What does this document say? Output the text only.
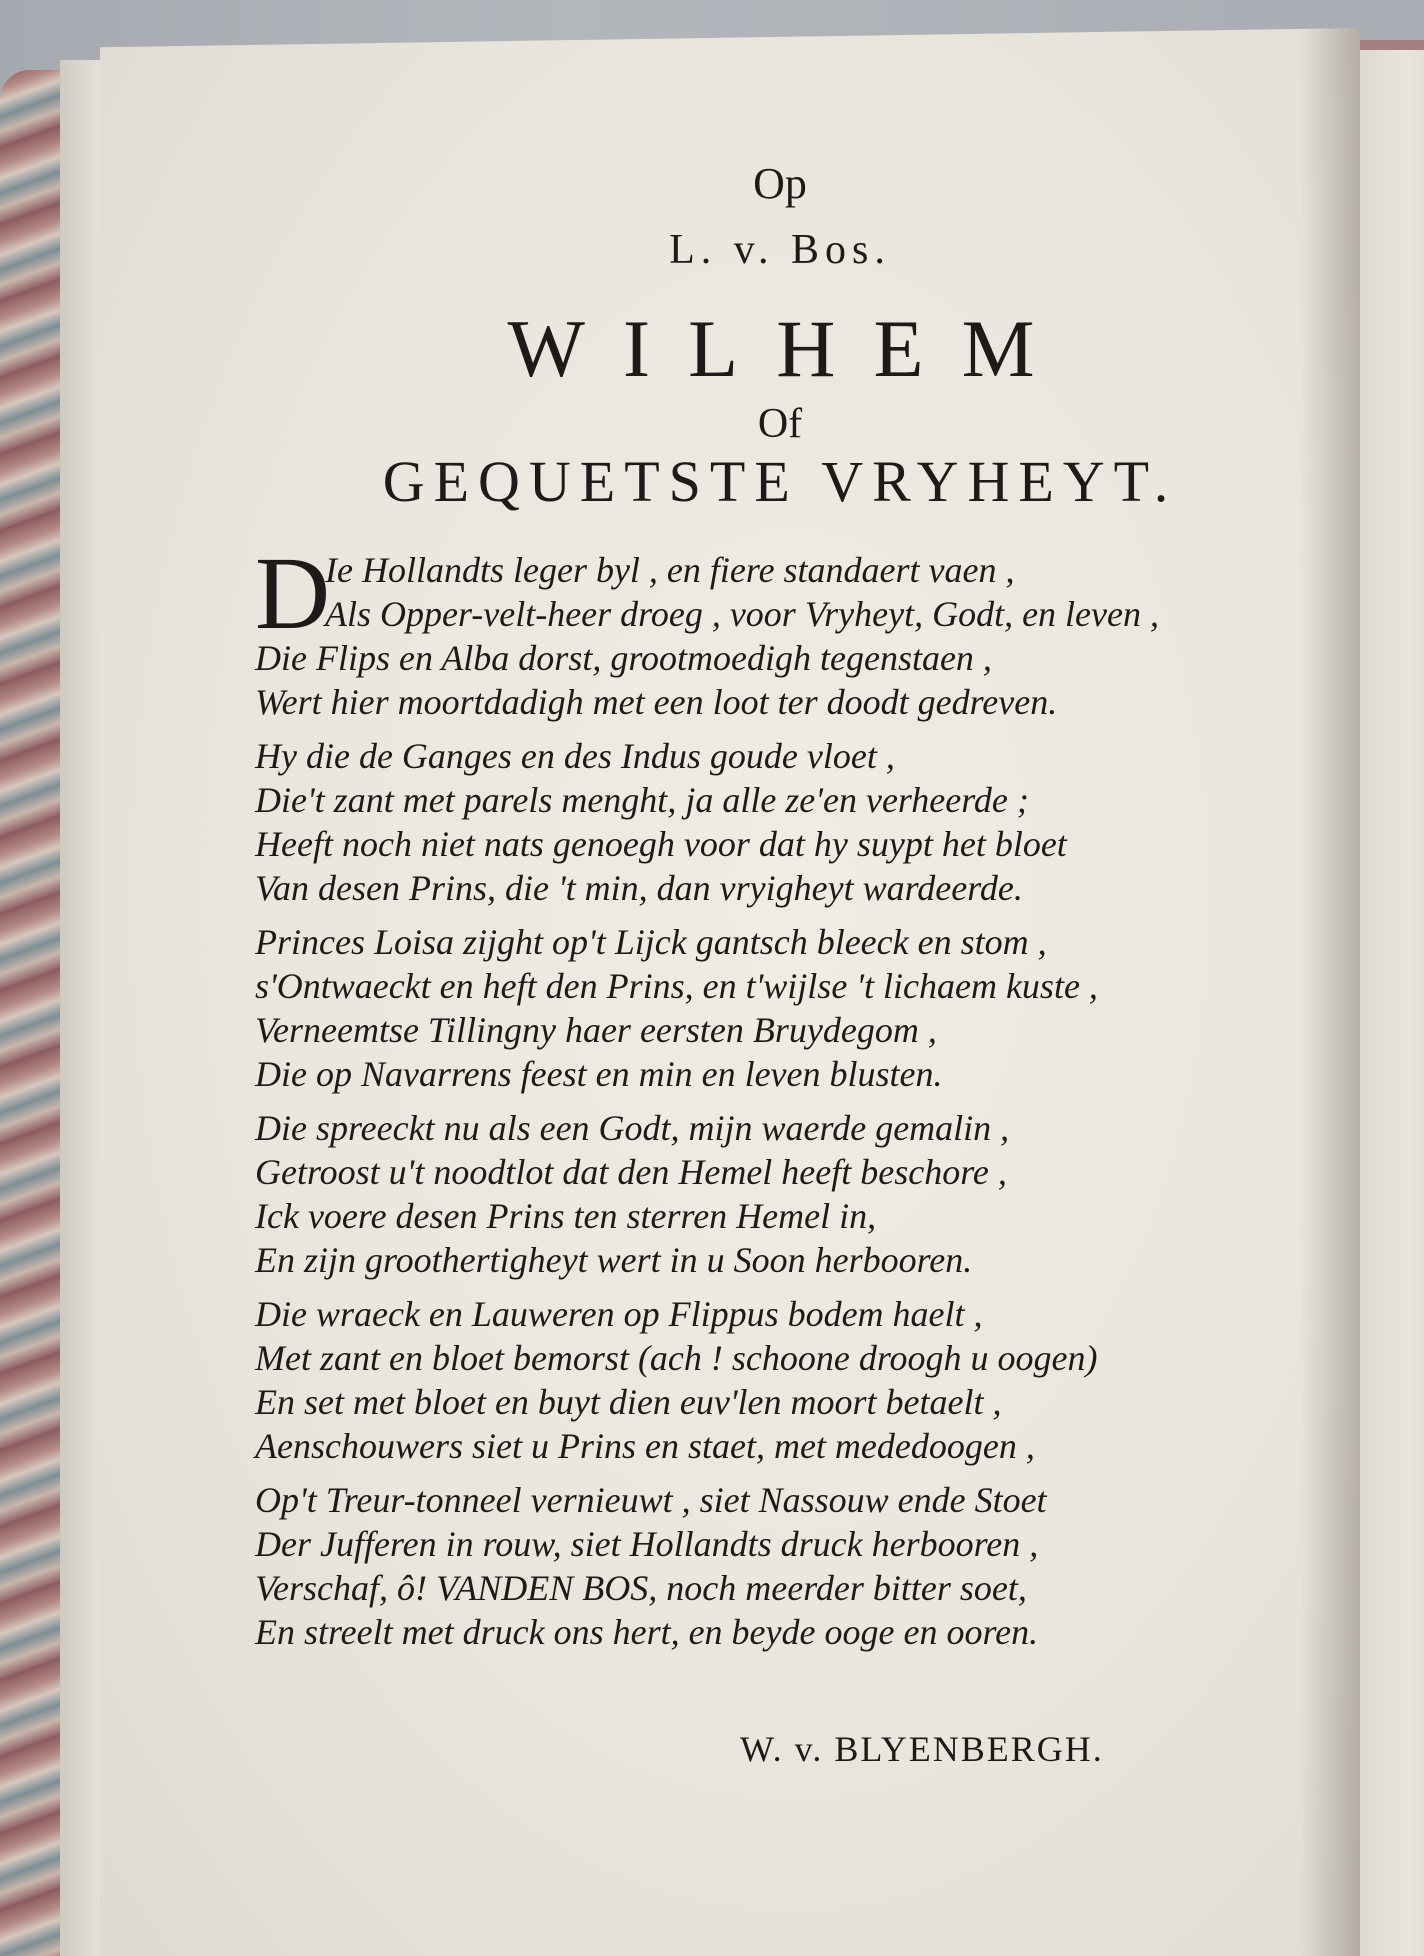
Op
L. v. Bos.
WILHEM
Of
GEQUETSTE VRYHEYT.
D
Ie Hollandts leger byl , en fiere standaert vaen ,
Als Opper-velt-heer droeg , voor Vryheyt, Godt, en leven ,
Die Flips en Alba dorst, grootmoedigh tegenstaen ,
Wert hier moortdadigh met een loot ter doodt gedreven.
Hy die de Ganges en des Indus goude vloet ,
Die't zant met parels menght, ja alle ze'en verheerde ;
Heeft noch niet nats genoegh voor dat hy suypt het bloet
Van desen Prins, die 't min, dan vryigheyt wardeerde.
Princes Loisa zijght op't Lijck gantsch bleeck en stom ,
s'Ontwaeckt en heft den Prins, en t'wijlse 't lichaem kuste ,
Verneemtse Tillingny haer eersten Bruydegom ,
Die op Navarrens feest en min en leven blusten.
Die spreeckt nu als een Godt, mijn waerde gemalin ,
Getroost u't noodtlot dat den Hemel heeft beschore ,
Ick voere desen Prins ten sterren Hemel in,
En zijn groothertigheyt wert in u Soon herbooren.
Die wraeck en Lauweren op Flippus bodem haelt ,
Met zant en bloet bemorst (ach ! schoone droogh u oogen)
En set met bloet en buyt dien euv'len moort betaelt ,
Aenschouwers siet u Prins en staet, met mededoogen ,
Op't Treur-tonneel vernieuwt , siet Nassouw ende Stoet
Der Jufferen in rouw, siet Hollandts druck herbooren ,
Verschaf, ô! VANDEN BOS, noch meerder bitter soet,
En streelt met druck ons hert, en beyde ooge en ooren.
W. v. BLYENBERGH.
